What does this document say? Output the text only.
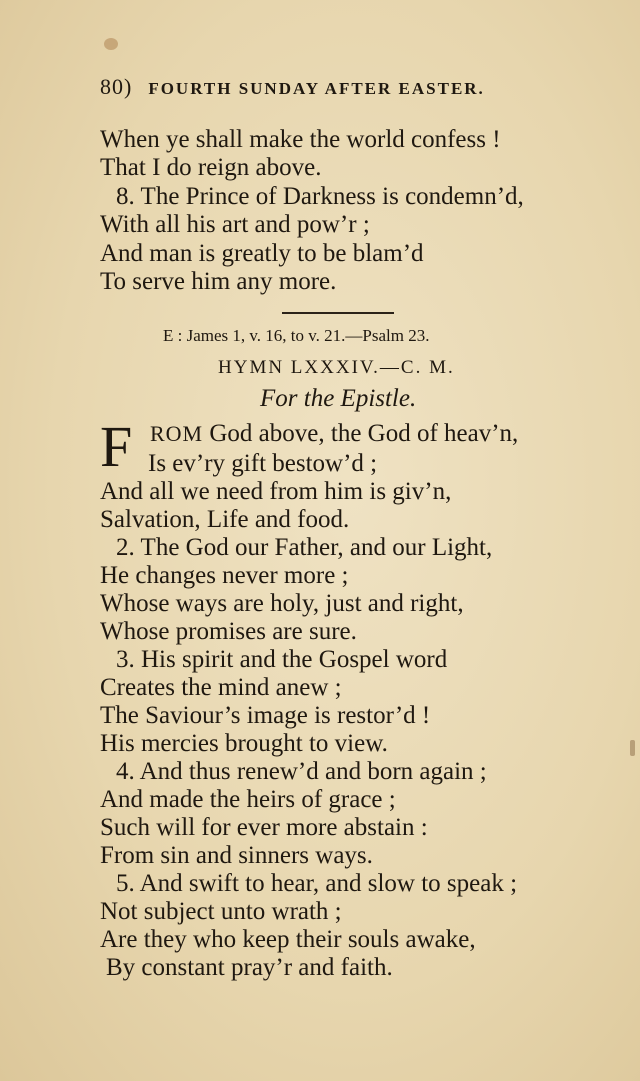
80) FOURTH SUNDAY AFTER EASTER.
When ye shall make the world confess !
That I do reign above.
8. The Prince of Darkness is condemn’d,
With all his art and pow’r ;
And man is greatly to be blam’d
To serve him any more.
E : James 1, v. 16, to v. 21.—Psalm 23.
HYMN LXXXIV.—C. M.
For the Epistle.
F ROM God above, the God of heav’n,
Is ev’ry gift bestow’d ;
And all we need from him is giv’n,
Salvation, Life and food.
2. The God our Father, and our Light,
He changes never more ;
Whose ways are holy, just and right,
Whose promises are sure.
3. His spirit and the Gospel word
Creates the mind anew ;
The Saviour’s image is restor’d !
His mercies brought to view.
4. And thus renew’d and born again ;
And made the heirs of grace ;
Such will for ever more abstain :
From sin and sinners ways.
5. And swift to hear, and slow to speak ;
Not subject unto wrath ;
Are they who keep their souls awake,
By constant pray’r and faith.
